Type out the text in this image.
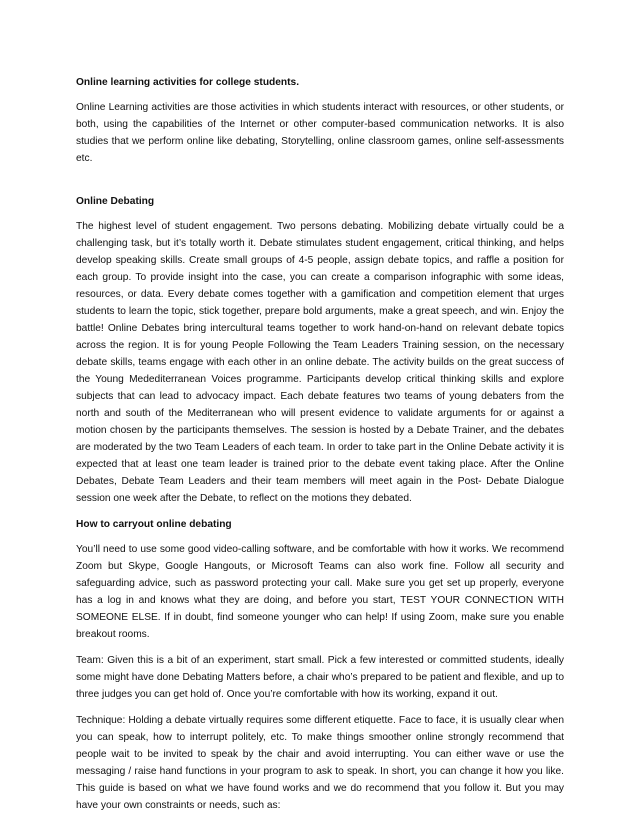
Online learning activities for college students.

Online Learning activities are those activities in which students interact with resources, or other students, or both, using the capabilities of the Internet or other computer-based communication networks. It is also studies that we perform online like debating, Storytelling, online classroom games, online self-assessments etc.

Online Debating

The highest level of student engagement. Two persons debating. Mobilizing debate virtually could be a challenging task, but it’s totally worth it. Debate stimulates student engagement, critical thinking, and helps develop speaking skills. Create small groups of 4-5 people, assign debate topics, and raffle a position for each group. To provide insight into the case, you can create a comparison infographic with some ideas, resources, or data. Every debate comes together with a gamification and competition element that urges students to learn the topic, stick together, prepare bold arguments, make a great speech, and win. Enjoy the battle! Online Debates bring intercultural teams together to work hand-on-hand on relevant debate topics across the region. It is for young People Following the Team Leaders Training session, on the necessary debate skills, teams engage with each other in an online debate. The activity builds on the great success of the Young Medediterranean Voices programme. Participants develop critical thinking skills and explore subjects that can lead to advocacy impact. Each debate features two teams of young debaters from the north and south of the Mediterranean who will present evidence to validate arguments for or against a motion chosen by the participants themselves. The session is hosted by a Debate Trainer, and the debates are moderated by the two Team Leaders of each team. In order to take part in the Online Debate activity it is expected that at least one team leader is trained prior to the debate event taking place. After the Online Debates, Debate Team Leaders and their team members will meet again in the Post- Debate Dialogue session one week after the Debate, to reflect on the motions they debated.

How to carryout online debating

You’ll need to use some good video-calling software, and be comfortable with how it works. We recommend Zoom but Skype, Google Hangouts, or Microsoft Teams can also work fine. Follow all security and safeguarding advice, such as password protecting your call. Make sure you get set up properly, everyone has a log in and knows what they are doing, and before you start, TEST YOUR CONNECTION WITH SOMEONE ELSE. If in doubt, find someone younger who can help! If using Zoom, make sure you enable breakout rooms.

Team: Given this is a bit of an experiment, start small. Pick a few interested or committed students, ideally some might have done Debating Matters before, a chair who’s prepared to be patient and flexible, and up to three judges you can get hold of. Once you’re comfortable with how its working, expand it out.

Technique: Holding a debate virtually requires some different etiquette. Face to face, it is usually clear when you can speak, how to interrupt politely, etc. To make things smoother online strongly recommend that people wait to be invited to speak by the chair and avoid interrupting. You can either wave or use the messaging / raise hand functions in your program to ask to speak. In short, you can change it how you like. This guide is based on what we have found works and we do recommend that you follow it. But you may have your own constraints or needs, such as:
